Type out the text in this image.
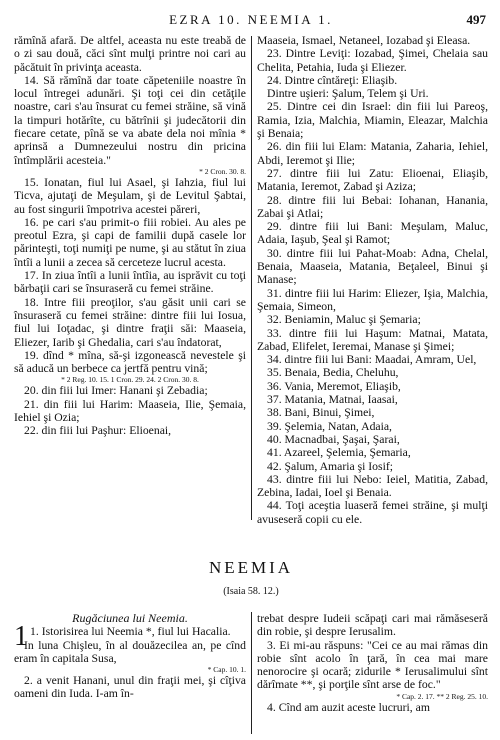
EZRA 10. NEEMIA 1.	497

rămînă afară. De altfel, aceasta nu este treabă de o zi sau două, căci sînt mulţi printre noi cari au păcătuit în privinţa aceasta.

14. Să rămînă dar toate căpeteniile noastre în locul întregei adunări. Şi toţi cei din cetăţile noastre, cari s'au însurat cu femei străine, să vină la timpuri hotărîte, cu bătrînii şi judecătorii din fiecare cetate, pînă se va abate dela noi mînia * aprinsă a Dumnezeului nostru din pricina întîmplării acesteia."

* 2 Cron. 30. 8.

15. Ionatan, fiul lui Asael, şi Iahzia, fiul lui Ticva, ajutaţi de Meşulam, şi de Levitul Şabtai, au fost singurii împotriva acestei păreri,

16. pe cari s'au primit-o fiii robiei. Au ales pe preotul Ezra, şi capi de familii după casele lor părinteşti, toţi numiţi pe nume, şi au stătut în ziua întîi a lunii a zecea să cerceteze lucrul acesta.

17. In ziua întîi a lunii întîia, au isprăvit cu toţi bărbaţii cari se însuraseră cu femei străine.

18. Intre fiii preoţilor, s'au găsit unii cari se însuraseră cu femei străine: dintre fiii lui Iosua, fiul lui Ioţadac, şi dintre fraţii săi: Maaseia, Eliezer, Iarib şi Ghedalia, cari s'au îndatorat,

19. dînd * mîna, să-şi izgonească nevestele şi să aducă un berbece ca jertfă pentru vină;

* 2 Reg. 10. 15. 1 Cron. 29. 24. 2 Cron. 30. 8.

20. din fiii lui Imer: Hanani şi Zebadia;

21. din fiii lui Harim: Maaseia, Ilie, Şemaia, Iehiel şi Ozia;

22. din fiii lui Paşhur: Elioenai,

Maaseia, Ismael, Netaneel, Iozabad şi Eleasa.

23. Dintre Leviţi: Iozabad, Şimei, Chelaia sau Chelita, Petahia, Iuda şi Eliezer.

24. Dintre cîntăreţi: Eliaşib.

Dintre uşieri: Şalum, Telem şi Uri.

25. Dintre cei din Israel: din fiii lui Pareoş, Ramia, Izia, Malchia, Miamin, Eleazar, Malchia şi Benaia;

26. din fiii lui Elam: Matania, Zaharia, Iehiel, Abdi, Ieremot şi Ilie;

27. dintre fiii lui Zatu: Elioenai, Eliaşib, Matania, Ieremot, Zabad şi Aziza;

28. dintre fiii lui Bebai: Iohanan, Hanania, Zabai şi Atlai;

29. dintre fiii lui Bani: Meşulam, Maluc, Adaia, Iaşub, Şeal şi Ramot;

30. dintre fiii lui Pahat-Moab: Adna, Chelal, Benaia, Maaseia, Matania, Beţaleel, Binui şi Manase;

31. dintre fiii lui Harim: Eliezer, Işia, Malchia, Şemaia, Simeon,

32. Beniamin, Maluc şi Şemaria;

33. dintre fiii lui Haşum: Matnai, Matata, Zabad, Elifelet, Ieremai, Manase şi Şimei;

34. dintre fiii lui Bani: Maadai, Amram, Uel,

35. Benaia, Bedia, Cheluhu,

36. Vania, Meremot, Eliaşib,

37. Matania, Matnai, Iaasai,

38. Bani, Binui, Şimei,

39. Şelemia, Natan, Adaia,

40. Macnadbai, Şaşai, Şarai,

41. Azareel, Şelemia, Şemaria,

42. Şalum, Amaria şi Iosif;

43. dintre fiii lui Nebo: Ieiel, Matitia, Zabad, Zebina, Iadai, Ioel şi Benaia.

44. Toţi aceştia luaseră femei străine, şi mulţi avuseseră copii cu ele.

NEEMIA
(Isaia 58. 12.)

Rugăciunea lui Neemia.

1 1. Istorisirea lui Neemia *, fiul lui Hacalia.

In luna Chişleu, în al douăzecilea an, pe cînd eram în capitala Susa,

* Cap. 10. 1.

2. a venit Hanani, unul din fraţii mei, şi cîţiva oameni din Iuda. I-am în-

trebat despre Iudeii scăpaţi cari mai rămăseseră din robie, şi despre Ierusalim.

3. Ei mi-au răspuns: "Cei ce au mai rămas din robie sînt acolo în ţară, în cea mai mare nenorocire şi ocară; zidurile * Ierusalimului sînt dărîmate **, şi porţile sînt arse de foc."

* Cap. 2. 17. ** 2 Reg. 25. 10.

4. Cînd am auzit aceste lucruri, am
